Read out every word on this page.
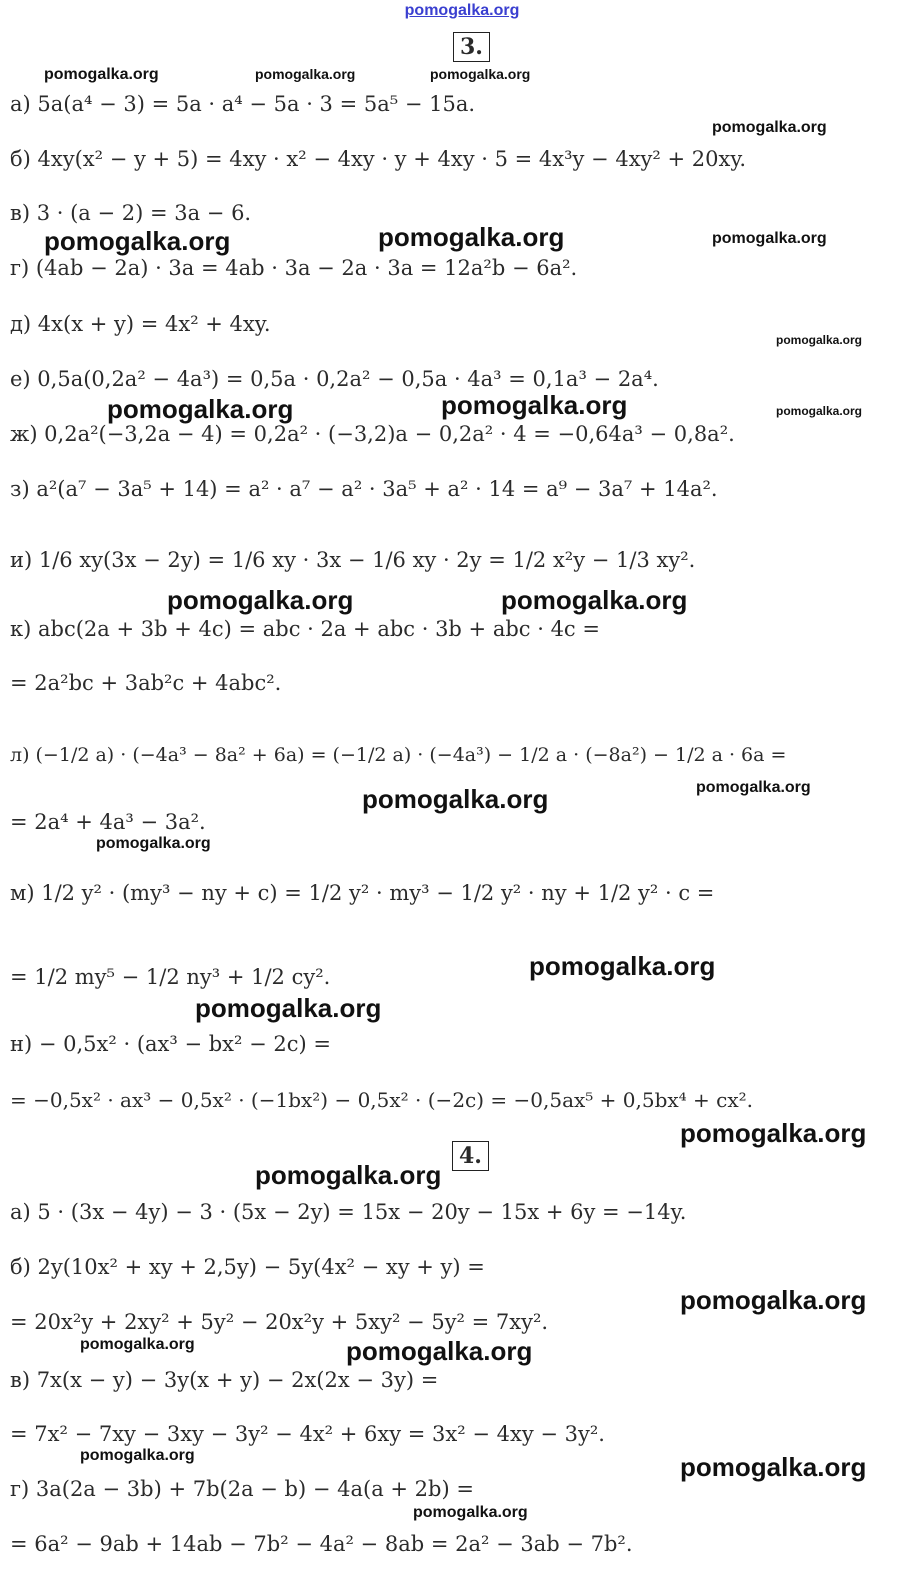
pomogalka.org
3.
а) 5a(a⁴ − 3) = 5a · a⁴ − 5a · 3 = 5a⁵ − 15a.
б) 4xy(x² − y + 5) = 4xy · x² − 4xy · y + 4xy · 5 = 4x³y − 4xy² + 20xy.
в) 3 · (a − 2) = 3a − 6.
г) (4ab − 2a) · 3a = 4ab · 3a − 2a · 3a = 12a²b − 6a².
д) 4x(x + y) = 4x² + 4xy.
е) 0,5a(0,2a² − 4a³) = 0,5a · 0,2a² − 0,5a · 4a³ = 0,1a³ − 2a⁴.
ж) 0,2a²(−3,2a − 4) = 0,2a² · (−3,2)a − 0,2a² · 4 = −0,64a³ − 0,8a².
з) a²(a⁷ − 3a⁵ + 14) = a² · a⁷ − a² · 3a⁵ + a² · 14 = a⁹ − 3a⁷ + 14a².
и) 1/6 xy(3x − 2y) = 1/6 xy · 3x − 1/6 xy · 2y = 1/2 x²y − 1/3 xy².
к) abc(2a + 3b + 4c) = abc · 2a + abc · 3b + abc · 4c =
= 2a²bc + 3ab²c + 4abc².
л) (−1/2 a) · (−4a³ − 8a² + 6a) = (−1/2 a) · (−4a³) − 1/2 a · (−8a²) − 1/2 a · 6a =
= 2a⁴ + 4a³ − 3a².
м) 1/2 y² · (my³ − ny + c) = 1/2 y² · my³ − 1/2 y² · ny + 1/2 y² · c =
= 1/2 my⁵ − 1/2 ny³ + 1/2 cy².
н) − 0,5x² · (ax³ − bx² − 2c) =
= −0,5x² · ax³ − 0,5x² · (−1bx²) − 0,5x² · (−2c) = −0,5ax⁵ + 0,5bx⁴ + cx².
4.
а) 5 · (3x − 4y) − 3 · (5x − 2y) = 15x − 20y − 15x + 6y = −14y.
б) 2y(10x² + xy + 2,5y) − 5y(4x² − xy + y) =
= 20x²y + 2xy² + 5y² − 20x²y + 5xy² − 5y² = 7xy².
в) 7x(x − y) − 3y(x + y) − 2x(2x − 3y) =
= 7x² − 7xy − 3xy − 3y² − 4x² + 6xy = 3x² − 4xy − 3y².
г) 3a(2a − 3b) + 7b(2a − b) − 4a(a + 2b) =
= 6a² − 9ab + 14ab − 7b² − 4a² − 8ab = 2a² − 3ab − 7b².
pomogalka.org	pomogalka.org	pomogalka.org
pomogalka.org
pomogalka.org	pomogalka.org	pomogalka.org
pomogalka.org
pomogalka.org	pomogalka.org	pomogalka.org
pomogalka.org	pomogalka.org
pomogalka.org	pomogalka.org
pomogalka.org
pomogalka.org
pomogalka.org
pomogalka.org
pomogalka.org
pomogalka.org
pomogalka.org	pomogalka.org
pomogalka.org	pomogalka.org
pomogalka.org
